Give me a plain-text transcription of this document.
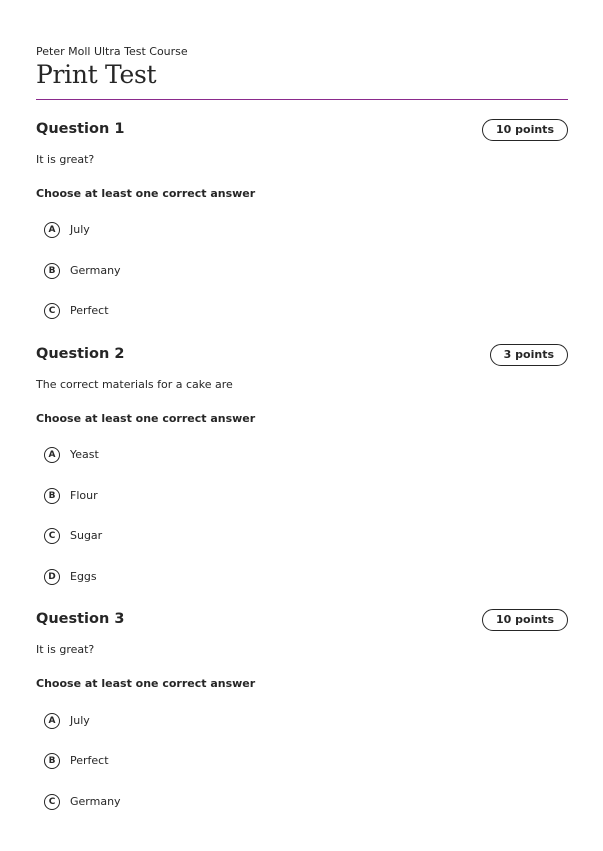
Peter Moll Ultra Test Course
Print Test
Question 1	10 points
It is great?
Choose at least one correct answer
A	July
B	Germany
C	Perfect
Question 2	3 points
The correct materials for a cake are
Choose at least one correct answer
A	Yeast
B	Flour
C	Sugar
D	Eggs
Question 3	10 points
It is great?
Choose at least one correct answer
A	July
B	Perfect
C	Germany
